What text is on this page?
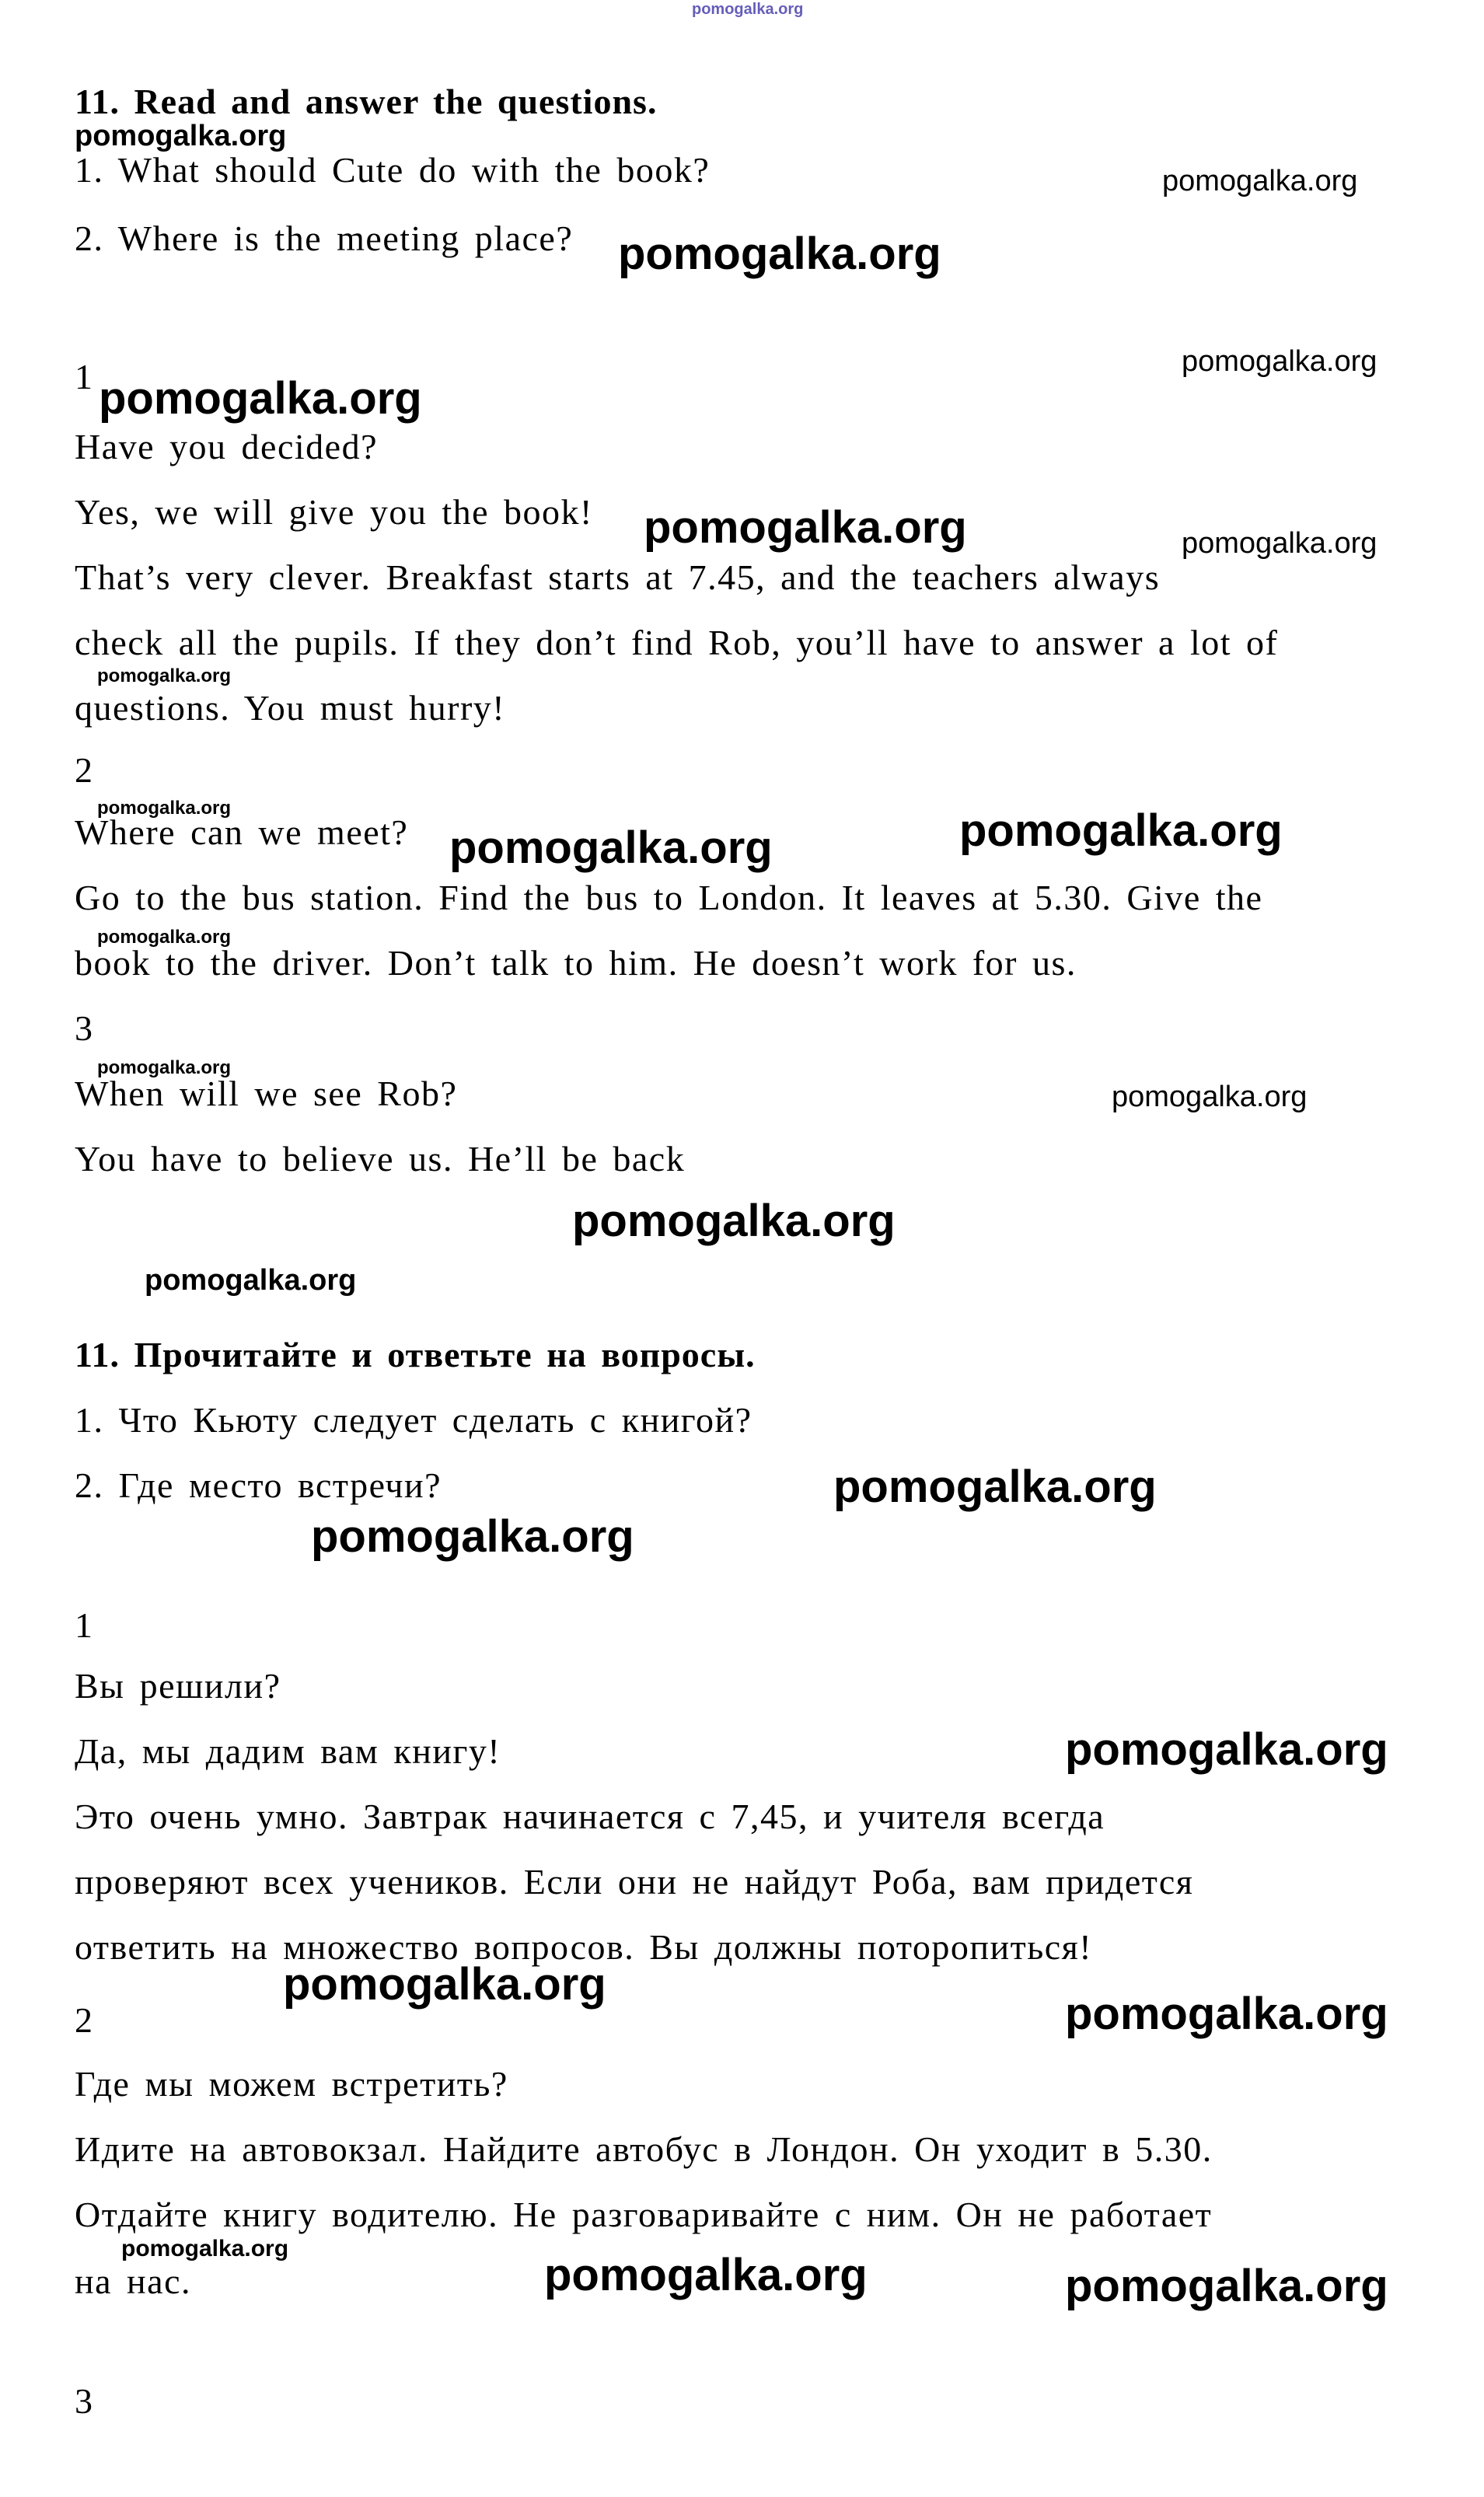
11. Read and answer the questions.
1. What should Cute do with the book?
2. Where is the meeting place?
1
Have you decided?
Yes, we will give you the book!
That’s very clever. Breakfast starts at 7.45, and the teachers always
check all the pupils. If they don’t find Rob, you’ll have to answer a lot of
questions. You must hurry!
2
Where can we meet?
Go to the bus station. Find the bus to London. It leaves at 5.30. Give the
book to the driver. Don’t talk to him. He doesn’t work for us.
3
When will we see Rob?
You have to believe us. He’ll be back
11. Прочитайте и ответьте на вопросы.
1. Что Кьюту следует сделать с книгой?
2. Где место встречи?
1
Вы решили?
Да, мы дадим вам книгу!
Это очень умно. Завтрак начинается с 7,45, и учителя всегда
проверяют всех учеников. Если они не найдут Роба, вам придется
ответить на множество вопросов. Вы должны поторопиться!
2
Где мы можем встретить?
Идите на автовокзал. Найдите автобус в Лондон. Он уходит в 5.30.
Отдайте книгу водителю. Не разговаривайте с ним. Он не работает
на нас.
3
pomogalka.org
pomogalka.org
pomogalka.org
pomogalka.org
pomogalka.org
pomogalka.org
pomogalka.org	pomogalka.org
pomogalka.org
pomogalka.org
pomogalka.org	pomogalka.org
pomogalka.org
pomogalka.org
pomogalka.org
pomogalka.org
pomogalka.org
pomogalka.org
pomogalka.org
pomogalka.org
pomogalka.org
pomogalka.org
pomogalka.org
pomogalka.org	pomogalka.org
